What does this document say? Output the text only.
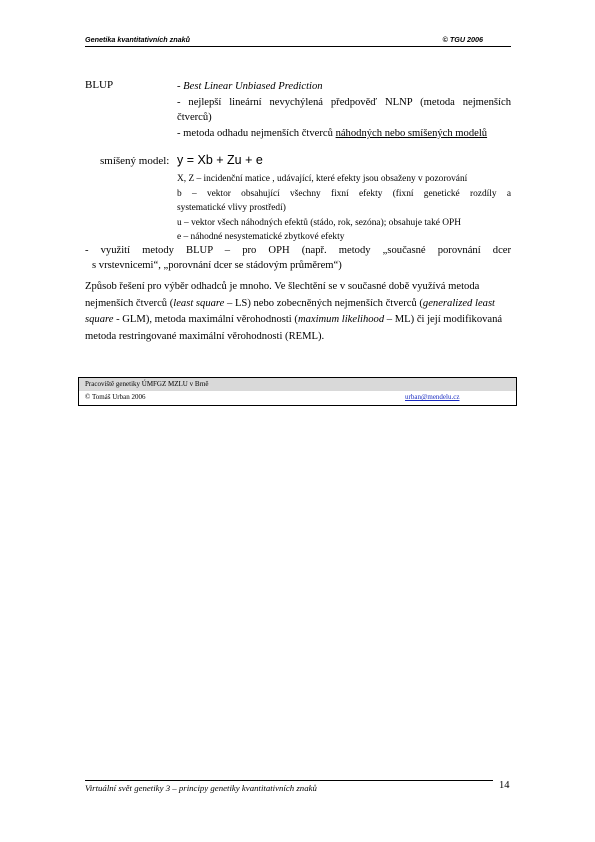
Genetika kvantitativních znaků	© TGU 2006
BLUP	- Best Linear Unbiased Prediction

- nejlepší lineární nevychýlená předpověď NLNP (metoda nejmenších čtverců)

- metoda odhadu nejmenších čtverců náhodných nebo smíšených modelů

smíšený model: y = Xb + Zu + e

X, Z – incidenční matice , udávající, které efekty jsou obsaženy v pozorování

b – vektor obsahující všechny fixní efekty (fixní genetické rozdíly a

systematické vlivy prostředí)

u – vektor všech náhodných efektů (stádo, rok, sezóna); obsahuje také OPH

e – náhodné nesystematické zbytkové efekty

- využití metody BLUP – pro OPH (např. metody „současné porovnání dcer

s vrstevnicemi“, „porovnání dcer se stádovým průměrem“)

Způsob řešení pro výběr odhadců je mnoho. Ve šlechtění se v současné době využívá metoda nejmenších čtverců (least square – LS) nebo zobecněných nejmenších čtverců (generalized least square - GLM), metoda maximální věrohodnosti (maximum likelihood – ML) či její modifikovaná metoda restringované maximální věrohodnosti (REML).

Pracoviště genetiky ÚMFGZ MZLU v Brně
© Tomáš Urban 2006	urban@mendelu.cz
Virtuální svět genetiky 3 – principy genetiky kvantitativních znaků	14
